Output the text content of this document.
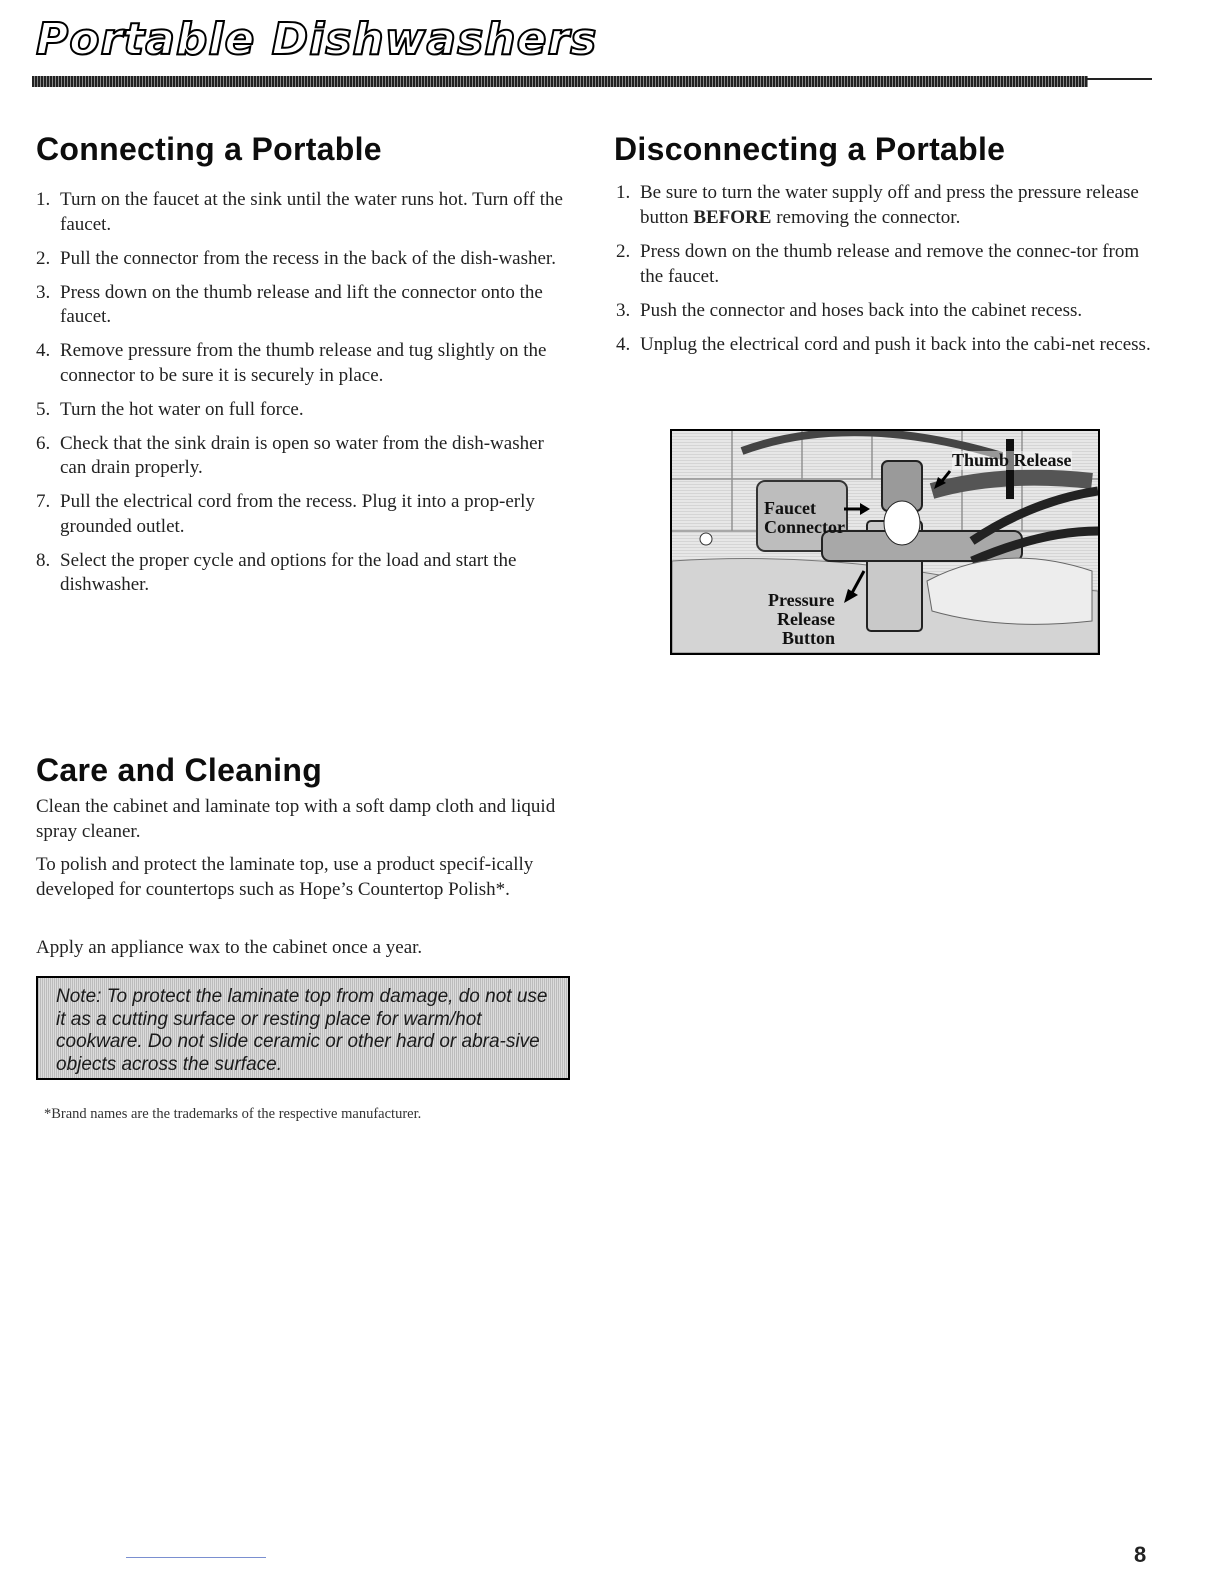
Portable Dishwashers
Connecting a Portable
1. Turn on the faucet at the sink until the water runs hot. Turn off the faucet.
2. Pull the connector from the recess in the back of the dish-washer.
3. Press down on the thumb release and lift the connector onto the faucet.
4. Remove pressure from the thumb release and tug slightly on the connector to be sure it is securely in place.
5. Turn the hot water on full force.
6. Check that the sink drain is open so water from the dish-washer can drain properly.
7. Pull the electrical cord from the recess. Plug it into a prop-erly grounded outlet.
8. Select the proper cycle and options for the load and start the dishwasher.
Disconnecting a Portable
1. Be sure to turn the water supply off and press the pressure release button BEFORE removing the connector.
2. Press down on the thumb release and remove the connec-tor from the faucet.
3. Push the connector and hoses back into the cabinet recess.
4. Unplug the electrical cord and push it back into the cabi-net recess.
Thumb Release
Faucet
Connector
Pressure
Release
Button
Care and Cleaning

Clean the cabinet and laminate top with a soft damp cloth and liquid spray cleaner.

To polish and protect the laminate top, use a product specif-ically developed for countertops such as Hope’s Countertop Polish*.

Apply an appliance wax to the cabinet once a year.

Note: To protect the laminate top from damage, do not use it as a cutting surface or resting place for warm/hot cookware. Do not slide ceramic or other hard or abra-sive objects across the surface.

*Brand names are the trademarks of the respective manufacturer.

8
